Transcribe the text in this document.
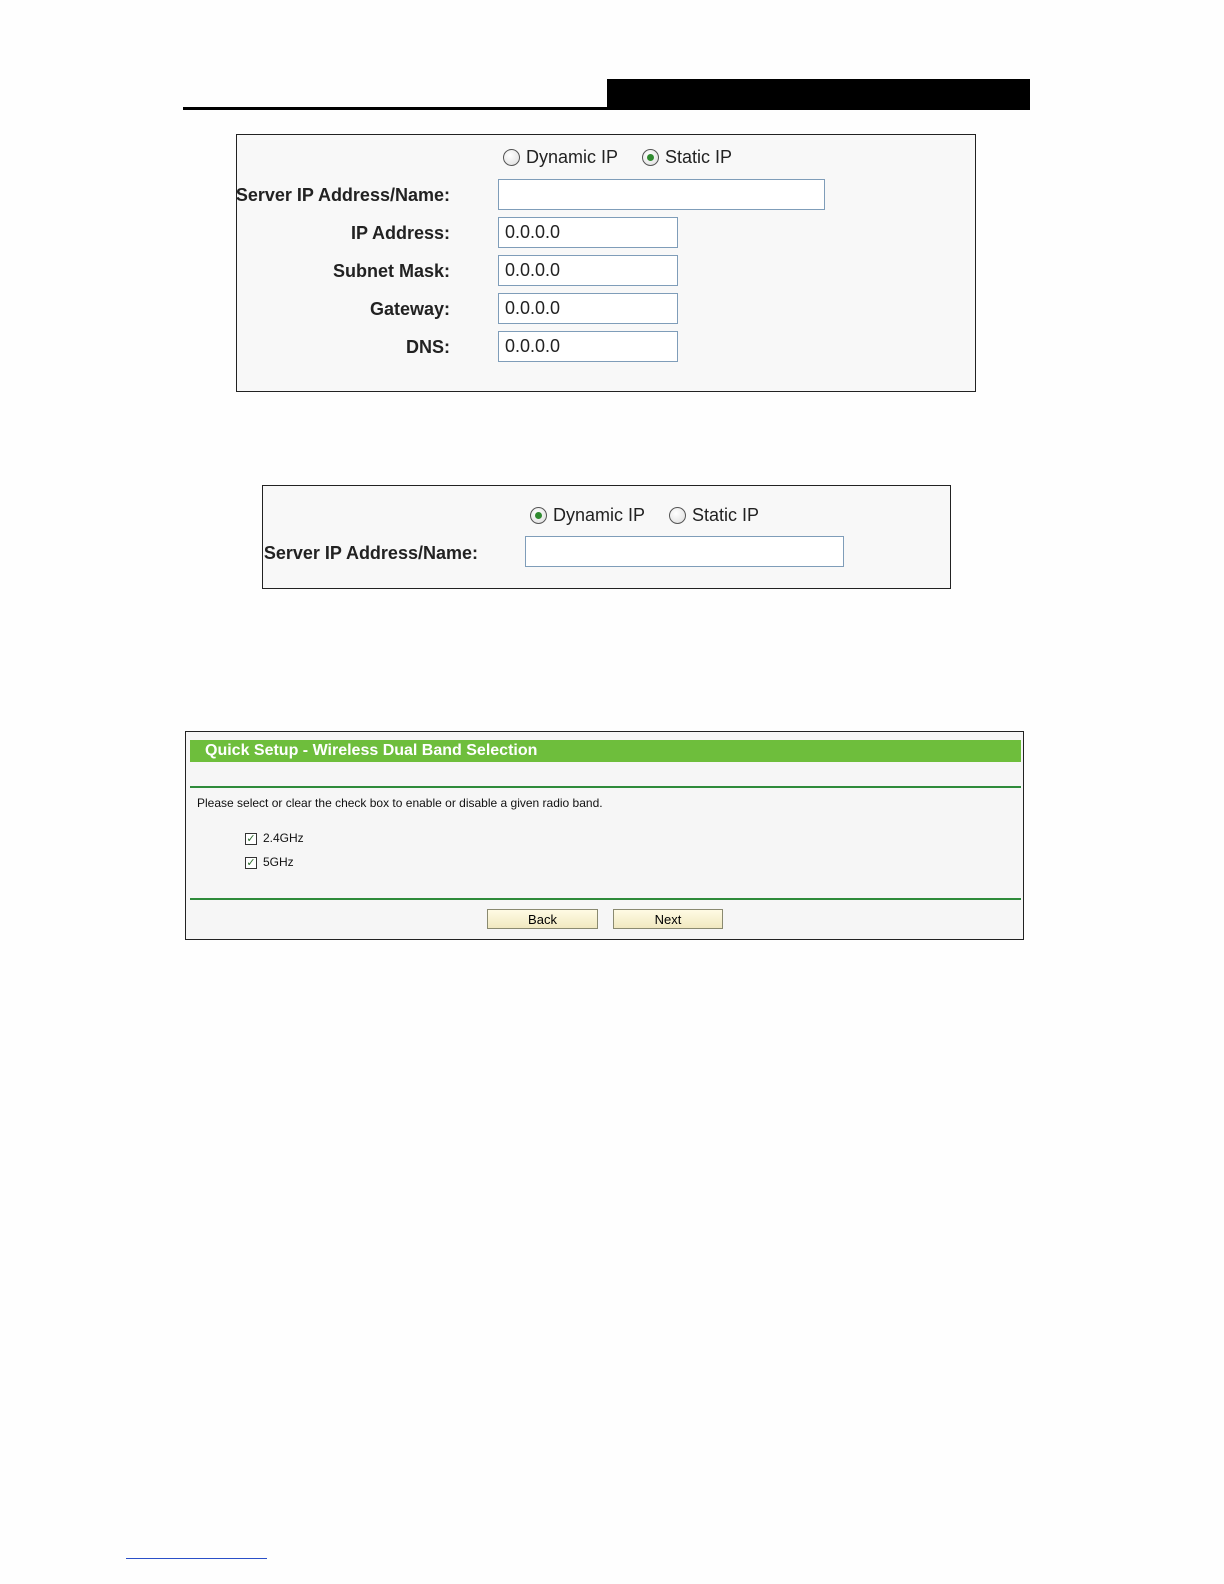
Dynamic IP	Static IP
Server IP Address/Name:
IP Address:
0.0.0.0
Subnet Mask:
0.0.0.0
Gateway:
0.0.0.0
DNS:
0.0.0.0
Dynamic IP	Static IP
Server IP Address/Name:
Quick Setup - Wireless Dual Band Selection
Please select or clear the check box to enable or disable a given radio band.
✓ 2.4GHz
✓ 5GHz
Back	Next
